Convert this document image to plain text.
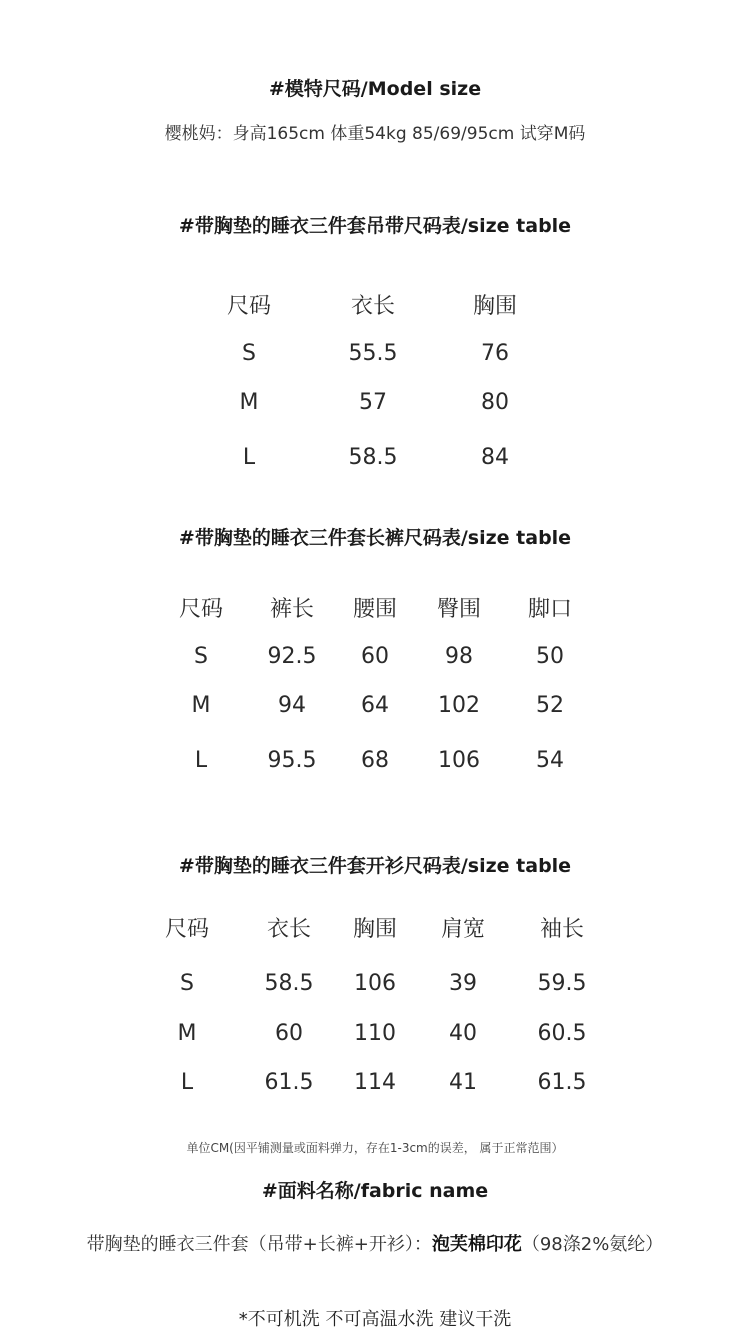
#模特尺码/Model size
樱桃妈：身高165cm 体重54kg 85/69/95cm 试穿M码
#带胸垫的睡衣三件套吊带尺码表/size table
尺码	衣长	胸围
S	55.5	76
M	57	80
L	58.5	84
#带胸垫的睡衣三件套长裤尺码表/size table
尺码 裤长 腰围 臀围 脚口
S	92.5 60	98	50
M	94	64 102	52
L	95.5 68 106	54
#带胸垫的睡衣三件套开衫尺码表/size table
尺码	衣长 胸围 肩宽 袖长
S	58.5 106 39	59.5
M	60 110 40	60.5
L	61.5 114 41	61.5
单位CM(因平铺测量或面料弹力，存在1-3cm的误差， 属于正常范围）
#面料名称/fabric name
带胸垫的睡衣三件套（吊带+长裤+开衫）：泡芙棉印花（98涤2%氨纶）
*不可机洗 不可高温水洗 建议干洗
